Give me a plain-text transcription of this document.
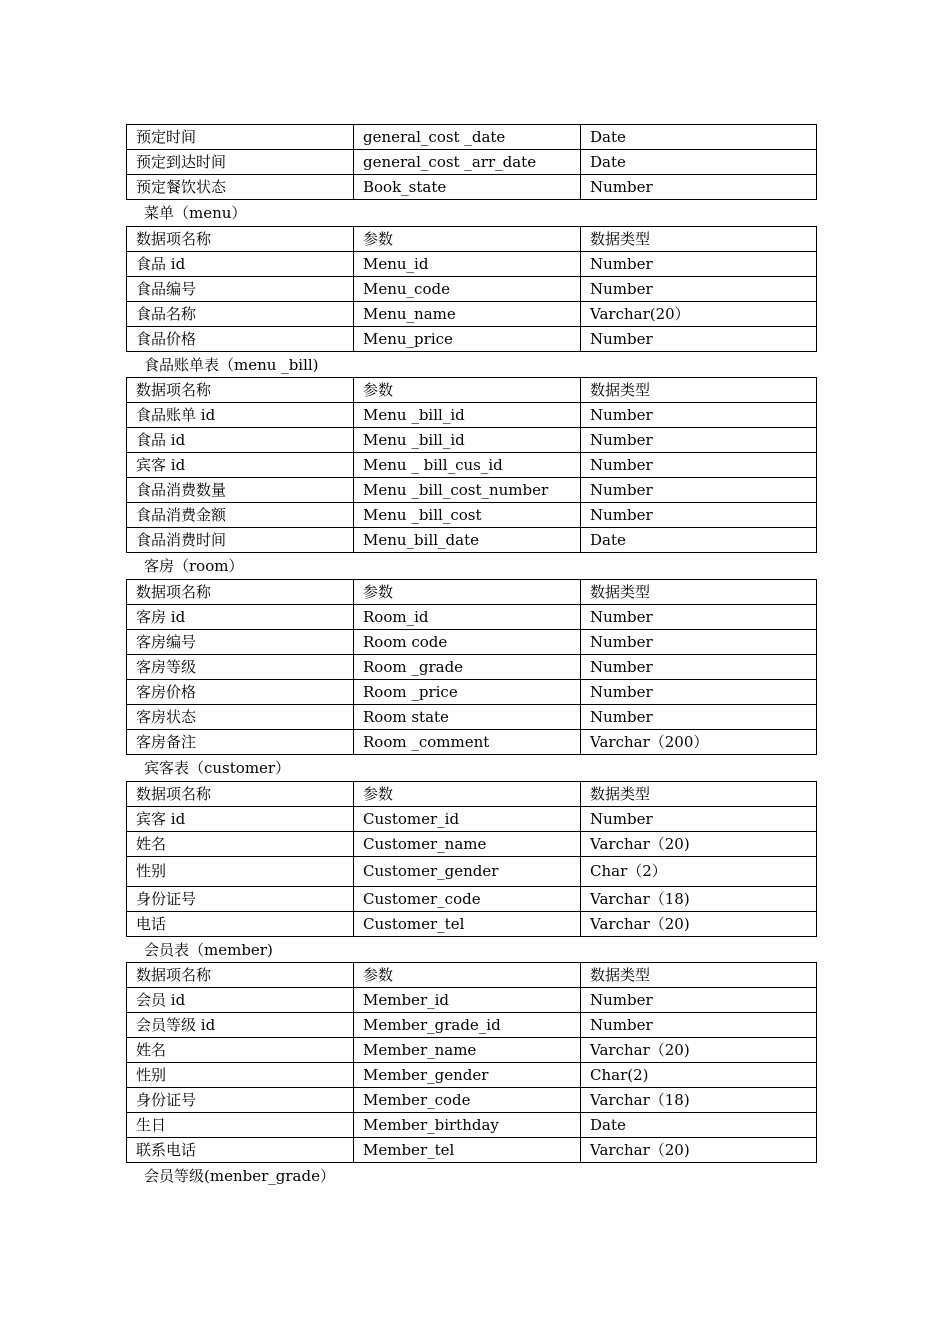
预定时间	general_cost _date	Date
预定到达时间	general_cost _arr_date	Date
预定餐饮状态	Book_state	Number
菜单（menu）
数据项名称	参数	数据类型
食品 id	Menu_id	Number
食品编号	Menu_code	Number
食品名称	Menu_name	Varchar(20）
食品价格	Menu_price	Number
食品账单表（menu _bill)
数据项名称	参数	数据类型
食品账单 id	Menu _bill_id	Number
食品 id	Menu _bill_id	Number
宾客 id	Menu _ bill_cus_id	Number
食品消费数量	Menu _bill_cost_number	Number
食品消费金额	Menu _bill_cost	Number
食品消费时间	Menu_bill_date	Date
客房（room）
数据项名称	参数	数据类型
客房 id	Room_id	Number
客房编号	Room code	Number
客房等级	Room _grade	Number
客房价格	Room _price	Number
客房状态	Room state	Number
客房备注	Room _comment	Varchar（200）
宾客表（customer）
数据项名称	参数	数据类型
宾客 id	Customer_id	Number
姓名	Customer_name	Varchar（20)
性别	Customer_gender	Char（2）
身份证号	Customer_code	Varchar（18)
电话	Customer_tel	Varchar（20)
会员表（member)
数据项名称	参数	数据类型
会员 id	Member_id	Number
会员等级 id	Member_grade_id	Number
姓名	Member_name	Varchar（20)
性别	Member_gender	Char(2)
身份证号	Member_code	Varchar（18)
生日	Member_birthday	Date
联系电话	Member_tel	Varchar（20)
会员等级(menber_grade）
